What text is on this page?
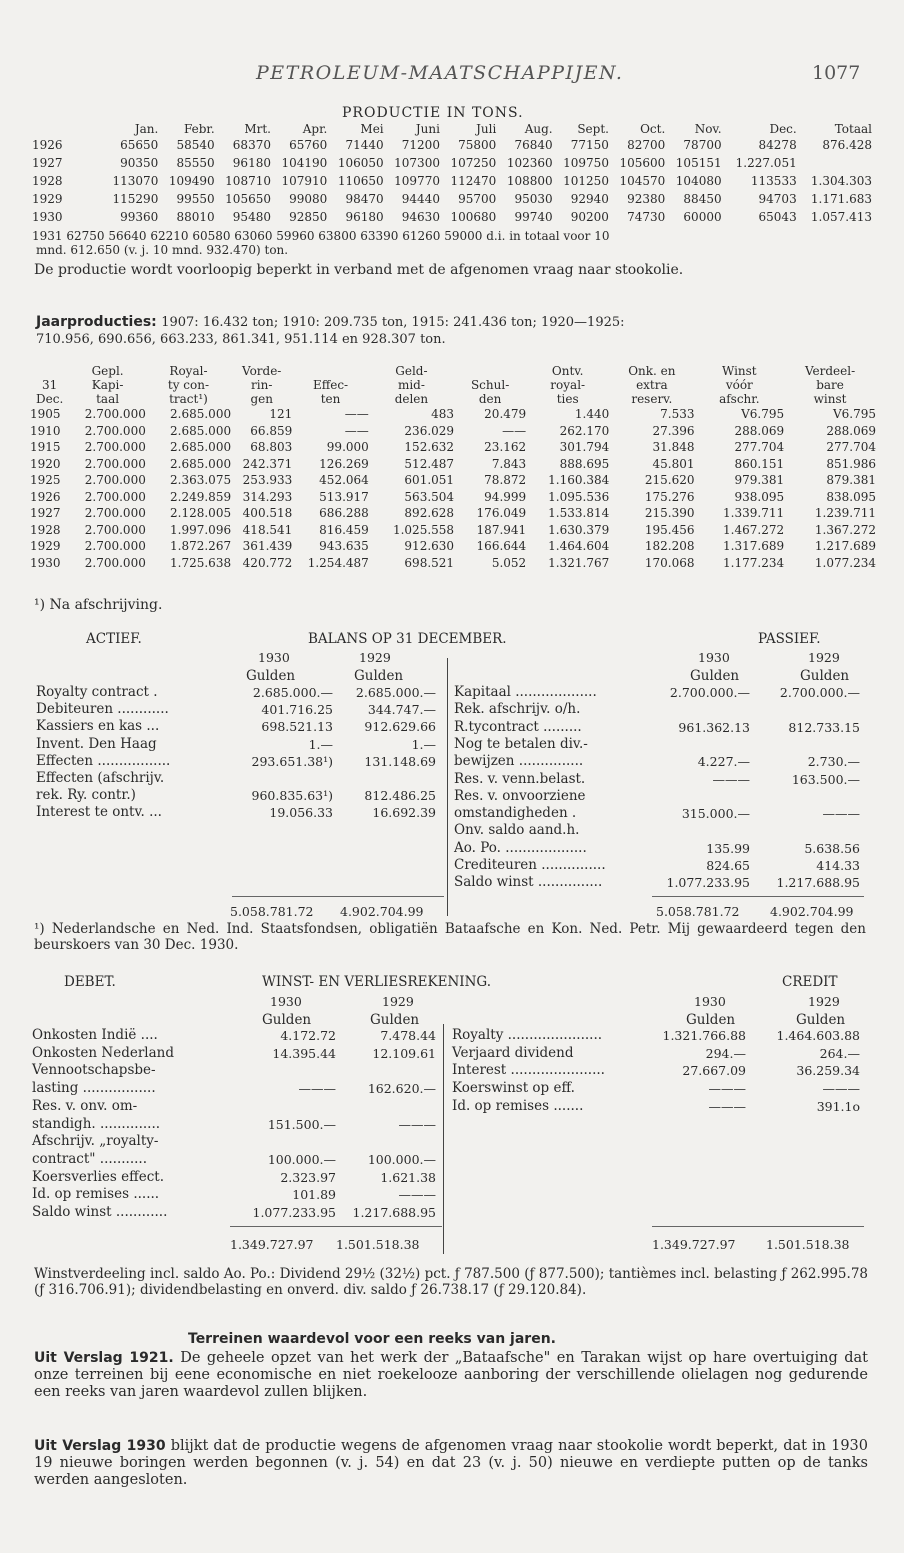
PETROLEUM-MAATSCHAPPIJEN.	1077
PRODUCTIE IN TONS.
	Jan.	Febr.	Mrt.	Apr.	Mei	Juni	Juli	Aug.	Sept.	Oct.	Nov.	Dec.	Totaal
1926	65650	58540	68370	65760	71440	71200	75800	76840	77150	82700	78700	84278	876.428
1927	90350	85550	96180	104190	106050	107300	107250	102360	109750	105600	105151	1.227.051	
1928	113070	109490	108710	107910	110650	109770	112470	108800	101250	104570	104080	113533	1.304.303
1929	115290	99550	105650	99080	98470	94440	95700	95030	92940	92380	88450	94703	1.171.683
1930	99360	88010	95480	92850	96180	94630	100680	99740	90200	74730	60000	65043	1.057.413
1931 62750 56640 62210 60580 63060 59960 63800 63390 61260 59000 d.i. in totaal voor 10
mnd. 612.650 (v. j. 10 mnd. 932.470) ton.
De productie wordt voorloopig beperkt in verband met de afgenomen vraag naar stookolie.
Jaarproducties: 1907: 16.432 ton; 1910: 209.735 ton, 1915: 241.436 ton; 1920—1925:
710.956, 690.656, 663.233, 861.341, 951.114 en 928.307 ton.
	Gepl.	Royal-	Vorde-		Geld-		Ontv.	Onk. en	Winst	Verdeel-
31	Kapi-	ty con-	rin-	Effec-	mid-	Schul-	royal-	extra	vóór	bare
Dec.	taal	tract¹)	gen	ten	delen	den	ties	reserv.	afschr.	winst
1905	2.700.000	2.685.000	121	——	483	20.479	1.440	7.533	V6.795	V6.795
1910	2.700.000	2.685.000	66.859	——	236.029	——	262.170	27.396	288.069	288.069
1915	2.700.000	2.685.000	68.803	99.000	152.632	23.162	301.794	31.848	277.704	277.704
1920	2.700.000	2.685.000	242.371	126.269	512.487	7.843	888.695	45.801	860.151	851.986
1925	2.700.000	2.363.075	253.933	452.064	601.051	78.872	1.160.384	215.620	979.381	879.381
1926	2.700.000	2.249.859	314.293	513.917	563.504	94.999	1.095.536	175.276	938.095	838.095
1927	2.700.000	2.128.005	400.518	686.288	892.628	176.049	1.533.814	215.390	1.339.711	1.239.711
1928	2.700.000	1.997.096	418.541	816.459	1.025.558	187.941	1.630.379	195.456	1.467.272	1.367.272
1929	2.700.000	1.872.267	361.439	943.635	912.630	166.644	1.464.604	182.208	1.317.689	1.217.689
1930	2.700.000	1.725.638	420.772	1.254.487	698.521	5.052	1.321.767	170.068	1.177.234	1.077.234
¹) Na afschrijving.
ACTIEF.	BALANS OP 31 DECEMBER.	PASSIEF.
1930	1929
Gulden	Gulden
1930	1929
Gulden	Gulden
Royalty contract .	2.685.000.— 2.685.000.—
Debiteuren ............	401.716.25	344.747.—
Kassiers en kas ...	698.521.13	912.629.66
Invent. Den Haag	1.—	1.—
Effecten .................	293.651.38¹)	131.148.69
Effecten (afschrijv.
rek. Ry. contr.)	960.835.63¹)	812.486.25
Interest te ontv. ...	19.056.33	16.692.39
Kapitaal ...................	2.700.000.— 2.700.000.—
Rek. afschrijv. o/h.
R.tycontract .........	961.362.13	812.733.15
Nog te betalen div.-
bewijzen ...............	4.227.—	2.730.—
Res. v. venn.belast.	———	163.500.—
Res. v. onvoorziene
omstandigheden .	315.000.—	———
Onv. saldo aand.h.
Ao. Po. ...................	135.99	5.638.56
Crediteuren ...............	824.65	414.33
Saldo winst ...............	1.077.233.95 1.217.688.95
5.058.781.72 4.902.704.99	5.058.781.72 4.902.704.99
¹) Nederlandsche en Ned. Ind. Staatsfondsen, obligatiën Bataafsche en Kon. Ned. Petr. Mij gewaardeerd tegen den beurskoers van 30 Dec. 1930.
DEBET.	WINST- EN VERLIESREKENING.	CREDIT
1930	1929
Gulden	Gulden
1930	1929
Gulden	Gulden
Onkosten Indië ....	4.172.72	7.478.44
Onkosten Nederland	14.395.44	12.109.61
Vennootschapsbe-
lasting .................	———	162.620.—
Res. v. onv. om-
standigh. ..............	151.500.—	———
Afschrijv. „royalty-
contract" ...........	100.000.—	100.000.—
Koersverlies effect.	2.323.97	1.621.38
Id. op remises ......	101.89	———
Saldo winst ............	1.077.233.95 1.217.688.95
Royalty ......................	1.321.766.88 1.464.603.88
Verjaard dividend	294.—	264.—
Interest ......................	27.667.09	36.259.34
Koerswinst op eff.	———	———
Id. op remises .......	———	391.1o
1.349.727.97 1.501.518.38	1.349.727.97 1.501.518.38
Winstverdeeling incl. saldo Ao. Po.: Dividend 29½ (32½) pct. ƒ 787.500 (ƒ 877.500); tantièmes incl. belasting ƒ 262.995.78 (ƒ 316.706.91); dividendbelasting en onverd. div. saldo ƒ 26.738.17 (ƒ 29.120.84).
Terreinen waardevol voor een reeks van jaren.
Uit Verslag 1921. De geheele opzet van het werk der „Bataafsche" en Tarakan wijst op hare overtuiging dat onze terreinen bij eene economische en niet roekelooze aanboring der verschillende olielagen nog gedurende een reeks van jaren waardevol zullen blijken.
Uit Verslag 1930 blijkt dat de productie wegens de afgenomen vraag naar stookolie wordt beperkt, dat in 1930 19 nieuwe boringen werden begonnen (v. j. 54) en dat 23 (v. j. 50) nieuwe en verdiepte putten op de tanks werden aangesloten.
